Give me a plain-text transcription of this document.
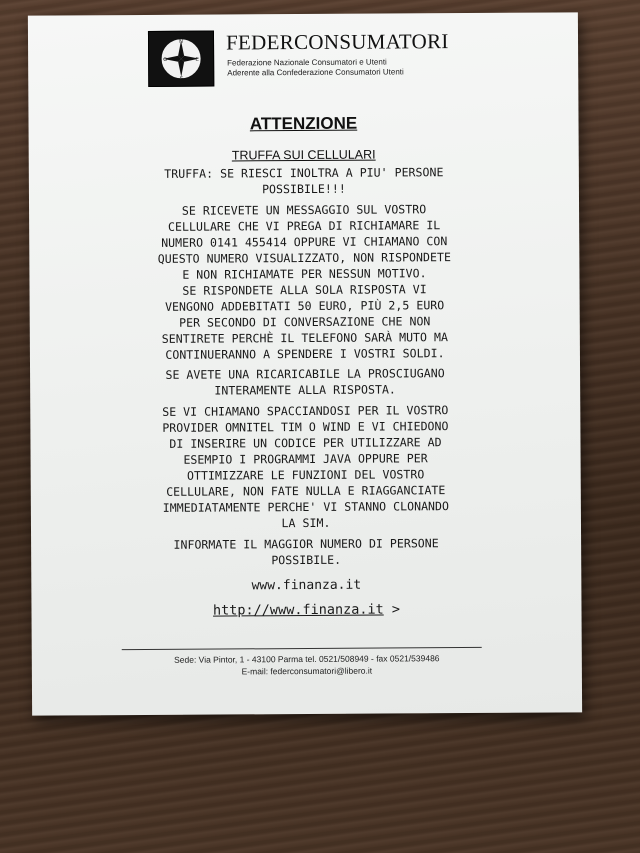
N
S
E
O
FEDERCONSUMATORI
Federazione Nazionale Consumatori e Utenti
Aderente alla Confederazione Consumatori Utenti
ATTENZIONE
TRUFFA SUI CELLULARI
TRUFFA: SE RIESCI INOLTRA A PIU' PERSONE
POSSIBILE!!!
SE RICEVETE UN MESSAGGIO SUL VOSTRO
CELLULARE CHE VI PREGA DI RICHIAMARE IL
NUMERO 0141 455414 OPPURE VI CHIAMANO CON
QUESTO NUMERO VISUALIZZATO, NON RISPONDETE
E NON RICHIAMATE PER NESSUN MOTIVO.
SE RISPONDETE ALLA SOLA RISPOSTA VI
VENGONO ADDEBITATI 50 EURO, PIÙ 2,5 EURO
PER SECONDO DI CONVERSAZIONE CHE NON
SENTIRETE PERCHÈ IL TELEFONO SARÀ MUTO MA
CONTINUERANNO A SPENDERE I VOSTRI SOLDI.
SE AVETE UNA RICARICABILE LA PROSCIUGANO
INTERAMENTE ALLA RISPOSTA.
SE VI CHIAMANO SPACCIANDOSI PER IL VOSTRO
PROVIDER OMNITEL TIM O WIND E VI CHIEDONO
DI INSERIRE UN CODICE PER UTILIZZARE AD
ESEMPIO I PROGRAMMI JAVA OPPURE PER
OTTIMIZZARE LE FUNZIONI DEL VOSTRO
CELLULARE, NON FATE NULLA E RIAGGANCIATE
IMMEDIATAMENTE PERCHE' VI STANNO CLONANDO
LA SIM.
INFORMATE IL MAGGIOR NUMERO DI PERSONE
POSSIBILE.
www.finanza.it
http://www.finanza.it >
Sede: Via Pintor, 1 - 43100 Parma tel. 0521/508949 - fax 0521/539486
E-mail: federconsumatori@libero.it
